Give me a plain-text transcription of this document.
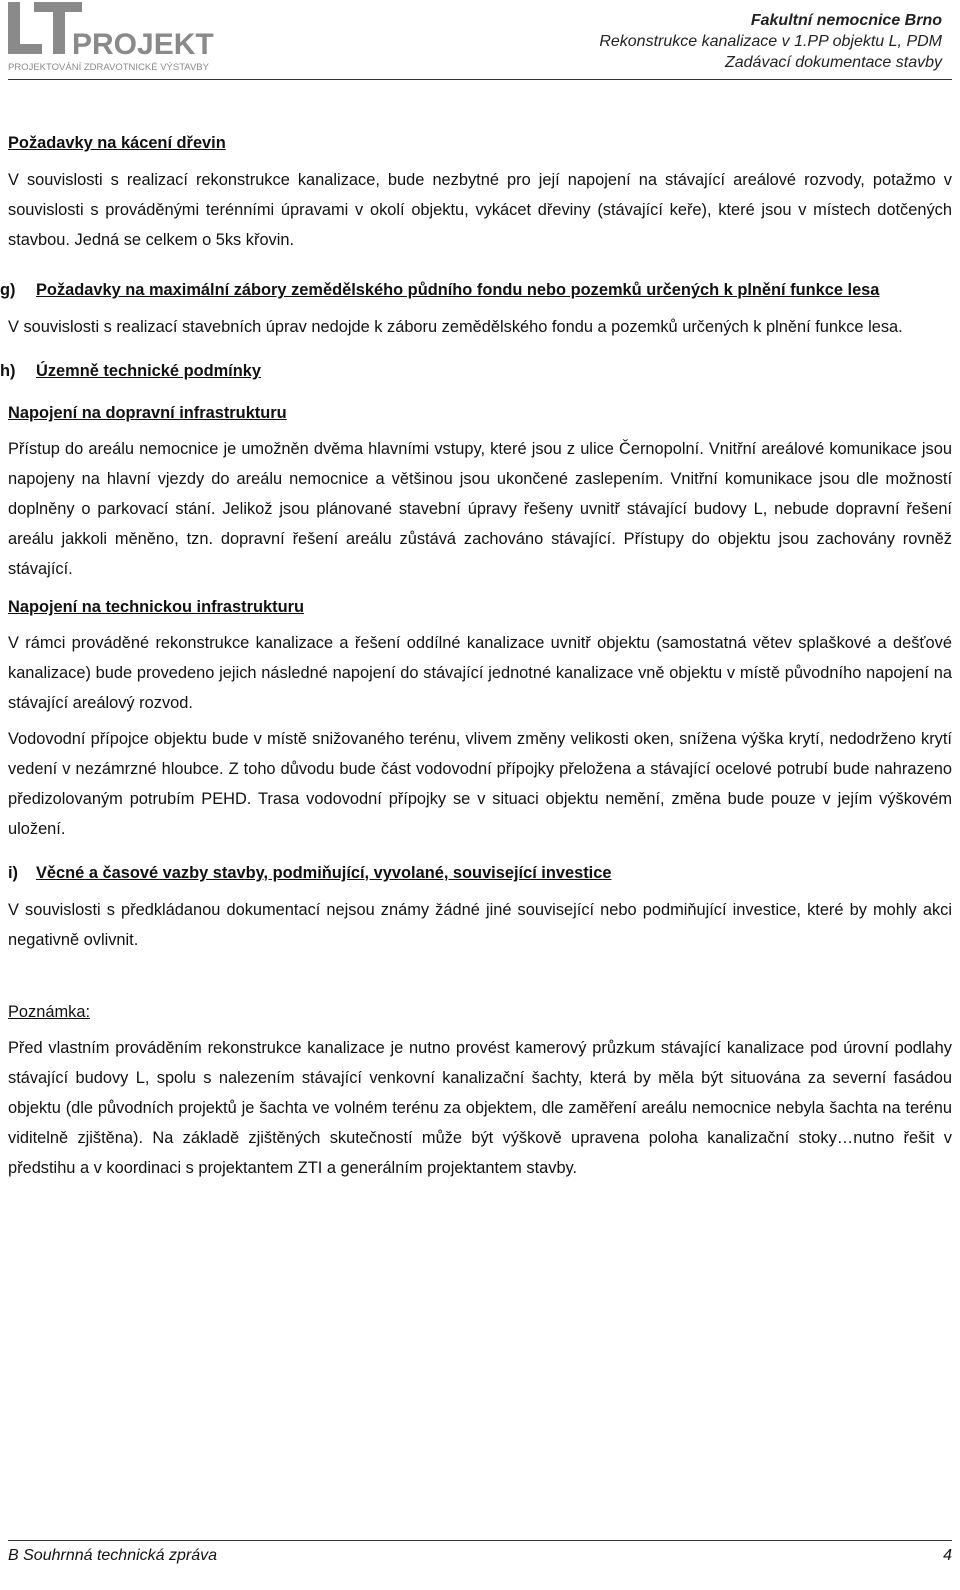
PROJEKT
PROJEKTOVÁNÍ ZDRAVOTNICKÉ VÝSTAVBY
Fakultní nemocnice Brno
Rekonstrukce kanalizace v 1.PP objektu L, PDM
Zadávací dokumentace stavby

Požadavky na kácení dřevin

V souvislosti s realizací rekonstrukce kanalizace, bude nezbytné pro její napojení na stávající areálové rozvody, potažmo v souvislosti s prováděnými terénními úpravami v okolí objektu, vykácet dřeviny (stávající keře), které jsou v místech dotčených stavbou. Jedná se celkem o 5ks křovin.

g)	Požadavky na maximální zábory zemědělského půdního fondu nebo pozemků určených k plnění funkce lesa

V souvislosti s realizací stavebních úprav nedojde k záboru zemědělského fondu a pozemků určených k plnění funkce lesa.

h)	Územně technické podmínky

Napojení na dopravní infrastrukturu

Přístup do areálu nemocnice je umožněn dvěma hlavními vstupy, které jsou z ulice Černopolní. Vnitřní areálové komunikace jsou napojeny na hlavní vjezdy do areálu nemocnice a většinou jsou ukončené zaslepením. Vnitřní komunikace jsou dle možností doplněny o parkovací stání. Jelikož jsou plánované stavební úpravy řešeny uvnitř stávající budovy L, nebude dopravní řešení areálu jakkoli měněno, tzn. dopravní řešení areálu zůstává zachováno stávající. Přístupy do objektu jsou zachovány rovněž stávající.

Napojení na technickou infrastrukturu

V rámci prováděné rekonstrukce kanalizace a řešení oddílné kanalizace uvnitř objektu (samostatná větev splaškové a dešťové kanalizace) bude provedeno jejich následné napojení do stávající jednotné kanalizace vně objektu v místě původního napojení na stávající areálový rozvod.

Vodovodní přípojce objektu bude v místě snižovaného terénu, vlivem změny velikosti oken, snížena výška krytí, nedodrženo krytí vedení v nezámrzné hloubce. Z toho důvodu bude část vodovodní přípojky přeložena a stávající ocelové potrubí bude nahrazeno předizolovaným potrubím PEHD. Trasa vodovodní přípojky se v situaci objektu nemění, změna bude pouze v jejím výškovém uložení.

i)	Věcné a časové vazby stavby, podmiňující, vyvolané, související investice

V souvislosti s předkládanou dokumentací nejsou známy žádné jiné související nebo podmiňující investice, které by mohly akci negativně ovlivnit.

Poznámka:

Před vlastním prováděním rekonstrukce kanalizace je nutno provést kamerový průzkum stávající kanalizace pod úrovní podlahy stávající budovy L, spolu s nalezením stávající venkovní kanalizační šachty, která by měla být situována za severní fasádou objektu (dle původních projektů je šachta ve volném terénu za objektem, dle zaměření areálu nemocnice nebyla šachta na terénu viditelně zjištěna). Na základě zjištěných skutečností může být výškově upravena poloha kanalizační stoky…nutno řešit v předstihu a v koordinaci s projektantem ZTI a generálním projektantem stavby.

B Souhrnná technická zpráva	4
